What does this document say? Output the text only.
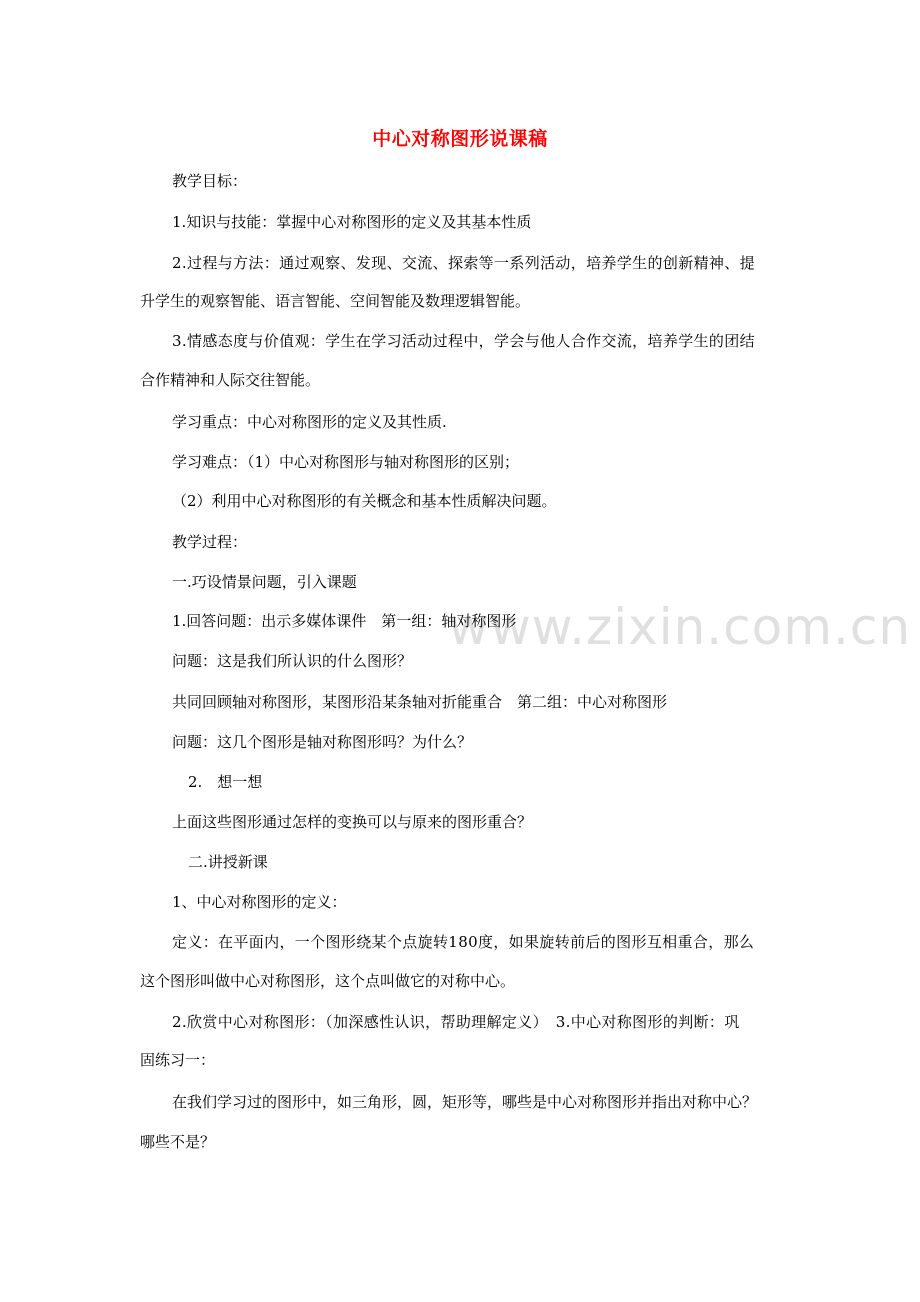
www.zixin.com.cn
中心对称图形说课稿
教学目标：
1.知识与技能：掌握中心对称图形的定义及其基本性质
2.过程与方法：通过观察、发现、交流、探索等一系列活动，培养学生的创新精神、提
升学生的观察智能、语言智能、空间智能及数理逻辑智能。
3.情感态度与价值观：学生在学习活动过程中，学会与他人合作交流，培养学生的团结
合作精神和人际交往智能。
学习重点：中心对称图形的定义及其性质.
学习难点：（1）中心对称图形与轴对称图形的区别；
（2）利用中心对称图形的有关概念和基本性质解决问题。
教学过程：
一.巧设情景问题，引入课题
1.回答问题：出示多媒体课件　第一组：轴对称图形
问题：这是我们所认识的什么图形？
共同回顾轴对称图形，某图形沿某条轴对折能重合　第二组：中心对称图形
问题：这几个图形是轴对称图形吗？为什么？
2.　想一想
上面这些图形通过怎样的变换可以与原来的图形重合？
二.讲授新课
1、中心对称图形的定义：
定义：在平面内，一个图形绕某个点旋转180度，如果旋转前后的图形互相重合，那么
这个图形叫做中心对称图形，这个点叫做它的对称中心。
2.欣赏中心对称图形：（加深感性认识，帮助理解定义）　3.中心对称图形的判断：巩
固练习一：
在我们学习过的图形中，如三角形，圆，矩形等，哪些是中心对称图形并指出对称中心？
哪些不是？
